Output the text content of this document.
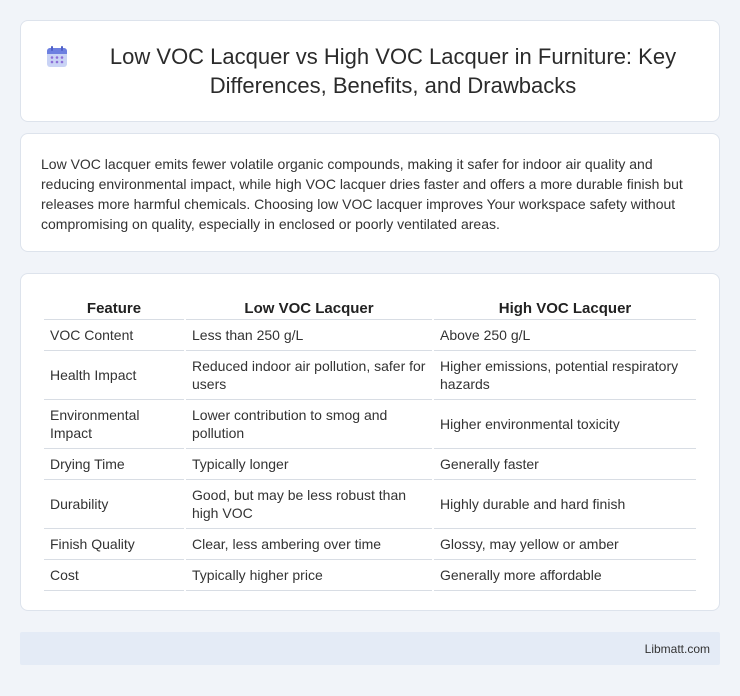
Low VOC Lacquer vs High VOC Lacquer in Furniture: Key Differences, Benefits, and Drawbacks

Low VOC lacquer emits fewer volatile organic compounds, making it safer for indoor air quality and reducing environmental impact, while high VOC lacquer dries faster and offers a more durable finish but releases more harmful chemicals. Choosing low VOC lacquer improves Your workspace safety without compromising on quality, especially in enclosed or poorly ventilated areas.

Feature	Low VOC Lacquer	High VOC Lacquer
VOC Content	Less than 250 g/L	Above 250 g/L
Health Impact	Reduced indoor air pollution, safer for users	Higher emissions, potential respiratory hazards
Environmental Impact	Lower contribution to smog and pollution	Higher environmental toxicity
Drying Time	Typically longer	Generally faster
Durability	Good, but may be less robust than high VOC	Highly durable and hard finish
Finish Quality	Clear, less ambering over time	Glossy, may yellow or amber
Cost	Typically higher price	Generally more affordable
Libmatt.com
